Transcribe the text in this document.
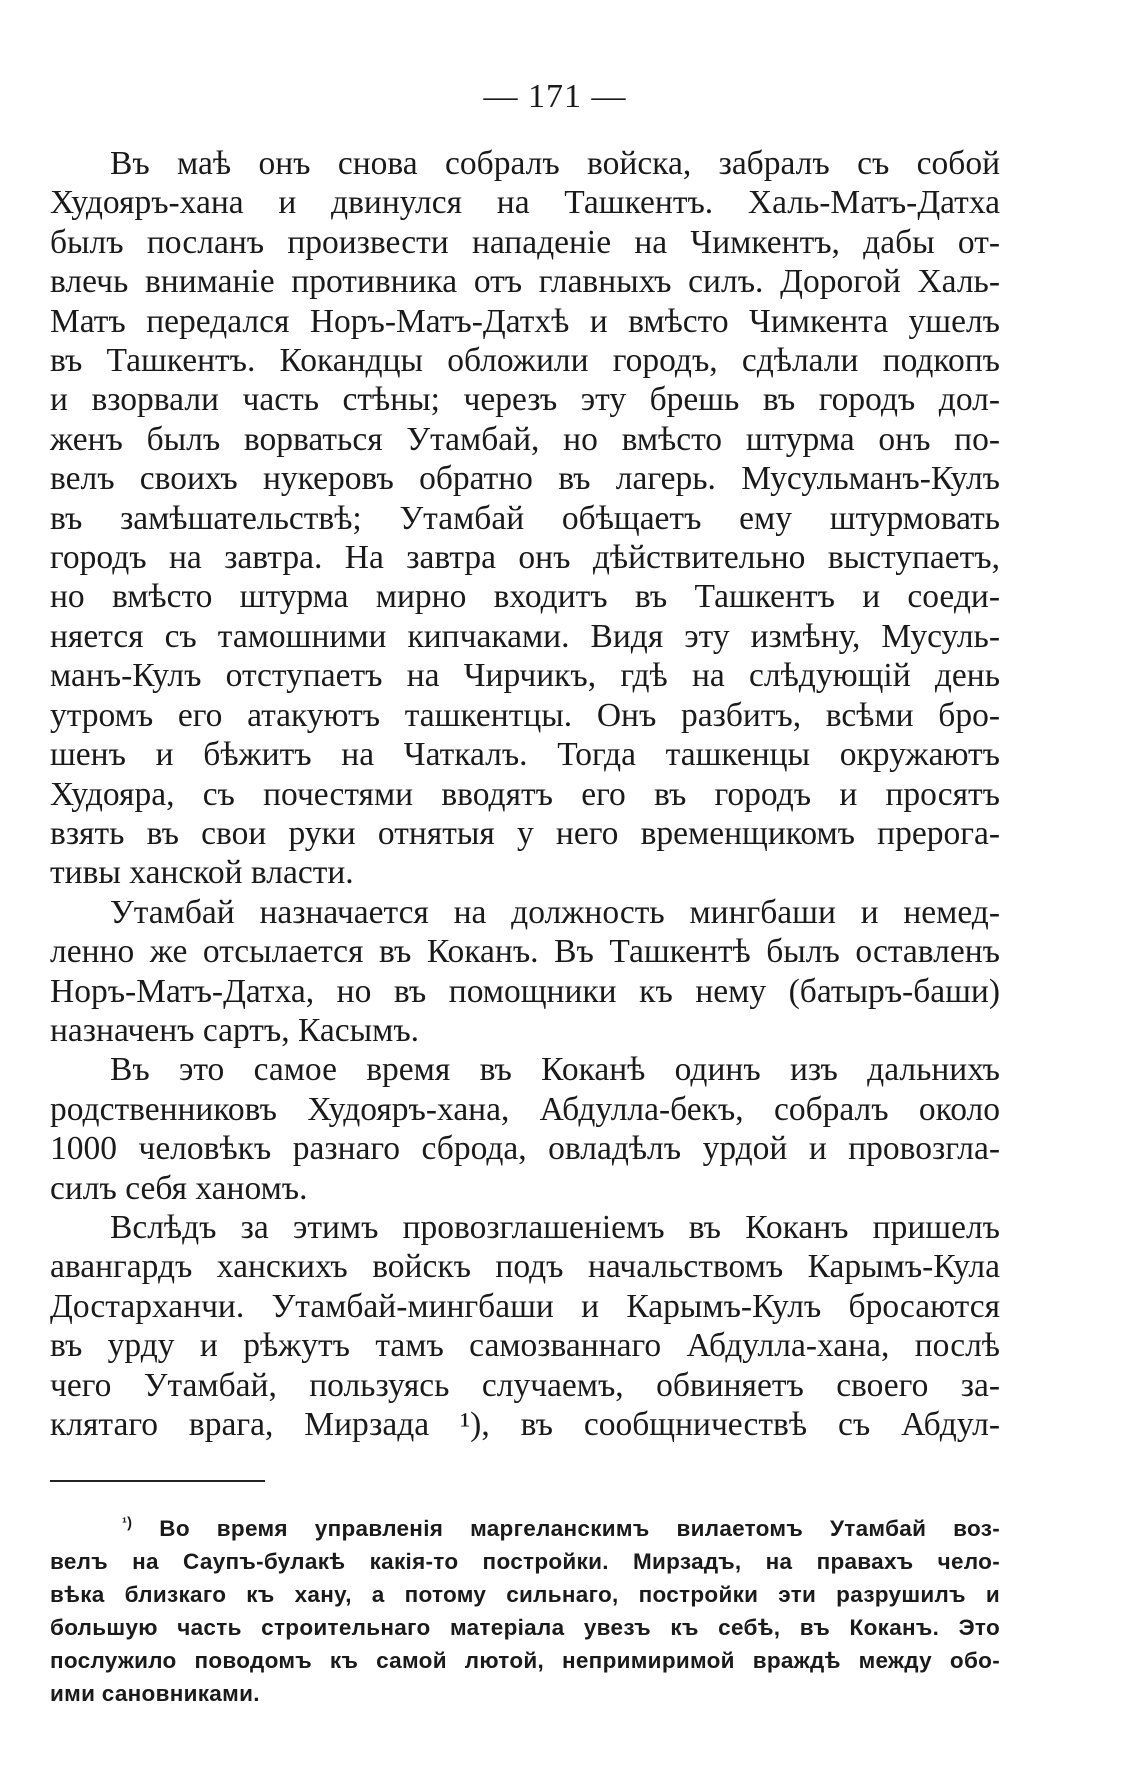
— 171 —
Въ маѣ онъ снова собралъ войска, забралъ съ собой
Худояръ-хана и двинулся на Ташкентъ. Халь-Матъ-Датха
былъ посланъ произвести нападеніе на Чимкентъ, дабы от-
влечь вниманіе противника отъ главныхъ силъ. Дорогой Халь-
Матъ передался Норъ-Матъ-Датхѣ и вмѣсто Чимкента ушелъ
въ Ташкентъ. Кокандцы обложили городъ, сдѣлали подкопъ
и взорвали часть стѣны; черезъ эту брешь въ городъ дол-
женъ былъ ворваться Утамбай, но вмѣсто штурма онъ по-
велъ своихъ нукеровъ обратно въ лагерь. Мусульманъ-Кулъ
въ замѣшательствѣ; Утамбай обѣщаетъ ему штурмовать
городъ на завтра. На завтра онъ дѣйствительно выступаетъ,
но вмѣсто штурма мирно входитъ въ Ташкентъ и соеди-
няется съ тамошними кипчаками. Видя эту измѣну, Мусуль-
манъ-Кулъ отступаетъ на Чирчикъ, гдѣ на слѣдующій день
утромъ его атакуютъ ташкентцы. Онъ разбитъ, всѣми бро-
шенъ и бѣжитъ на Чаткалъ. Тогда ташкенцы окружаютъ
Худояра, съ почестями вводятъ его въ городъ и просятъ
взять въ свои руки отнятыя у него временщикомъ прерога-
тивы ханской власти.
Утамбай назначается на должность мингбаши и немед-
ленно же отсылается въ Коканъ. Въ Ташкентѣ былъ оставленъ
Норъ-Матъ-Датха, но въ помощники къ нему (батыръ-баши)
назначенъ сартъ, Касымъ.
Въ это самое время въ Коканѣ одинъ изъ дальнихъ
родственниковъ Худояръ-хана, Абдулла-бекъ, собралъ около
1000 человѣкъ разнаго сброда, овладѣлъ урдой и провозгла-
силъ себя ханомъ.
Вслѣдъ за этимъ провозглашеніемъ въ Коканъ пришелъ
авангардъ ханскихъ войскъ подъ начальствомъ Карымъ-Кула
Достарханчи. Утамбай-мингбаши и Карымъ-Кулъ бросаются
въ урду и рѣжутъ тамъ самозваннаго Абдулла-хана, послѣ
чего Утамбай, пользуясь случаемъ, обвиняетъ своего за-
клятаго врага, Мирзада ¹), въ сообщничествѣ съ Абдул-
$^{^1)}$ Во время управленія маргеланскимъ вилаетомъ Утамбай воз-
велъ на Саупъ-булакѣ какія-то постройки. Мирзадъ, на правахъ чело-
вѣка близкаго къ хану, а потому сильнаго, постройки эти разрушилъ и
большую часть строительнаго матеріала увезъ къ себѣ, въ Коканъ. Это
послужило поводомъ къ самой лютой, непримиримой враждѣ между обо-
ими сановниками.
